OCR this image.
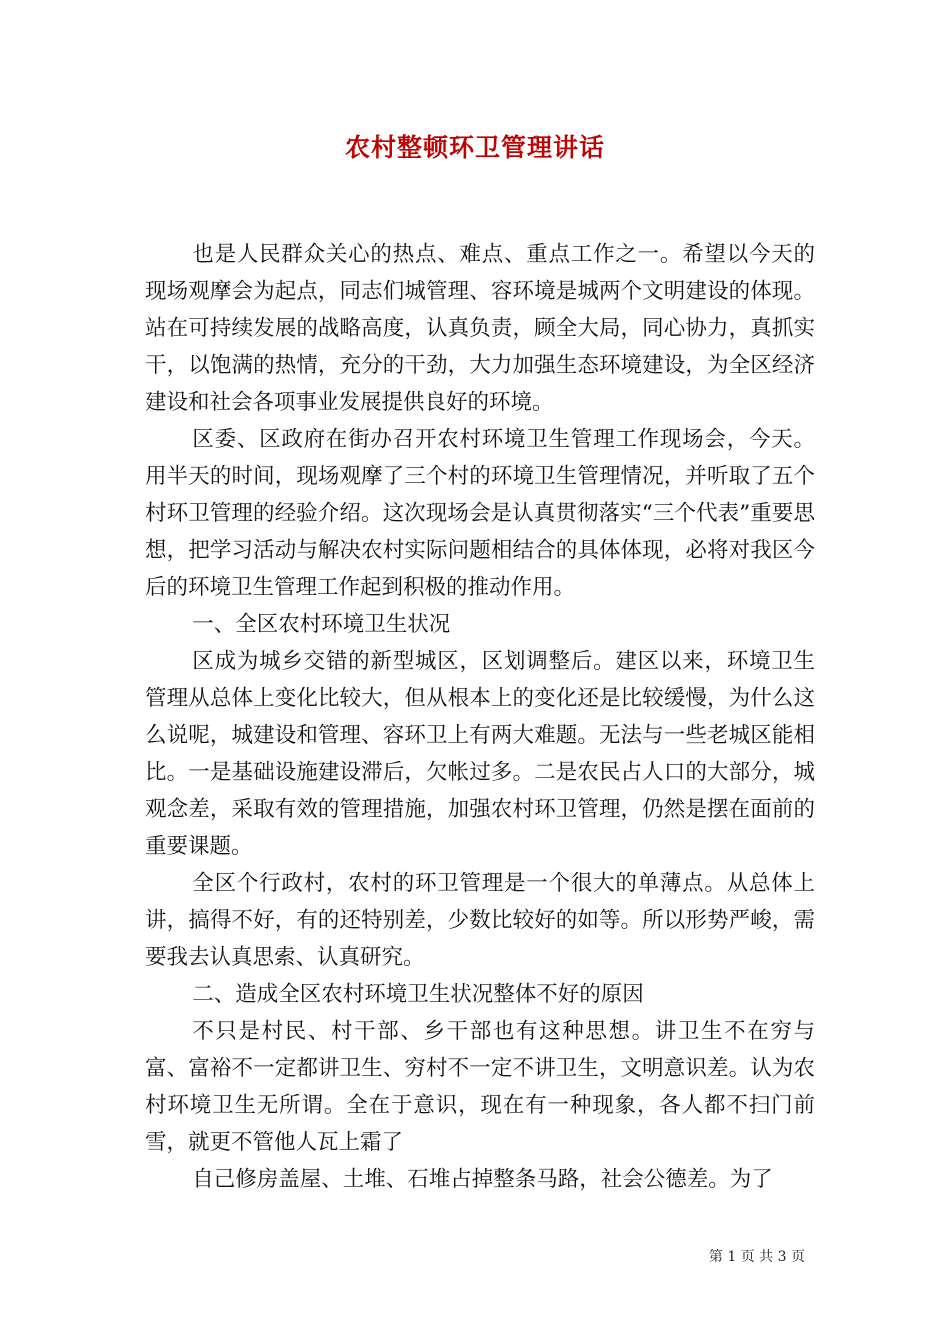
农村整顿环卫管理讲话

也是人民群众关心的热点、难点、重点工作之一。希望以今天的现场观摩会为起点，同志们城管理、容环境是城两个文明建设的体现。站在可持续发展的战略高度，认真负责，顾全大局，同心协力，真抓实干，以饱满的热情，充分的干劲，大力加强生态环境建设，为全区经济建设和社会各项事业发展提供良好的环境。

区委、区政府在街办召开农村环境卫生管理工作现场会，今天。用半天的时间，现场观摩了三个村的环境卫生管理情况，并听取了五个村环卫管理的经验介绍。这次现场会是认真贯彻落实“三个代表”重要思想，把学习活动与解决农村实际问题相结合的具体体现，必将对我区今后的环境卫生管理工作起到积极的推动作用。

一、全区农村环境卫生状况

区成为城乡交错的新型城区，区划调整后。建区以来，环境卫生管理从总体上变化比较大，但从根本上的变化还是比较缓慢，为什么这么说呢，城建设和管理、容环卫上有两大难题。无法与一些老城区能相比。一是基础设施建设滞后，欠帐过多。二是农民占人口的大部分，城观念差，采取有效的管理措施，加强农村环卫管理，仍然是摆在面前的重要课题。

全区个行政村，农村的环卫管理是一个很大的单薄点。从总体上讲，搞得不好，有的还特别差，少数比较好的如等。所以形势严峻，需要我去认真思索、认真研究。

二、造成全区农村环境卫生状况整体不好的原因

不只是村民、村干部、乡干部也有这种思想。讲卫生不在穷与富、富裕不一定都讲卫生、穷村不一定不讲卫生，文明意识差。认为农村环境卫生无所谓。全在于意识，现在有一种现象，各人都不扫门前雪，就更不管他人瓦上霜了

自己修房盖屋、土堆、石堆占掉整条马路，社会公德差。为了

第 1 页 共 3 页
